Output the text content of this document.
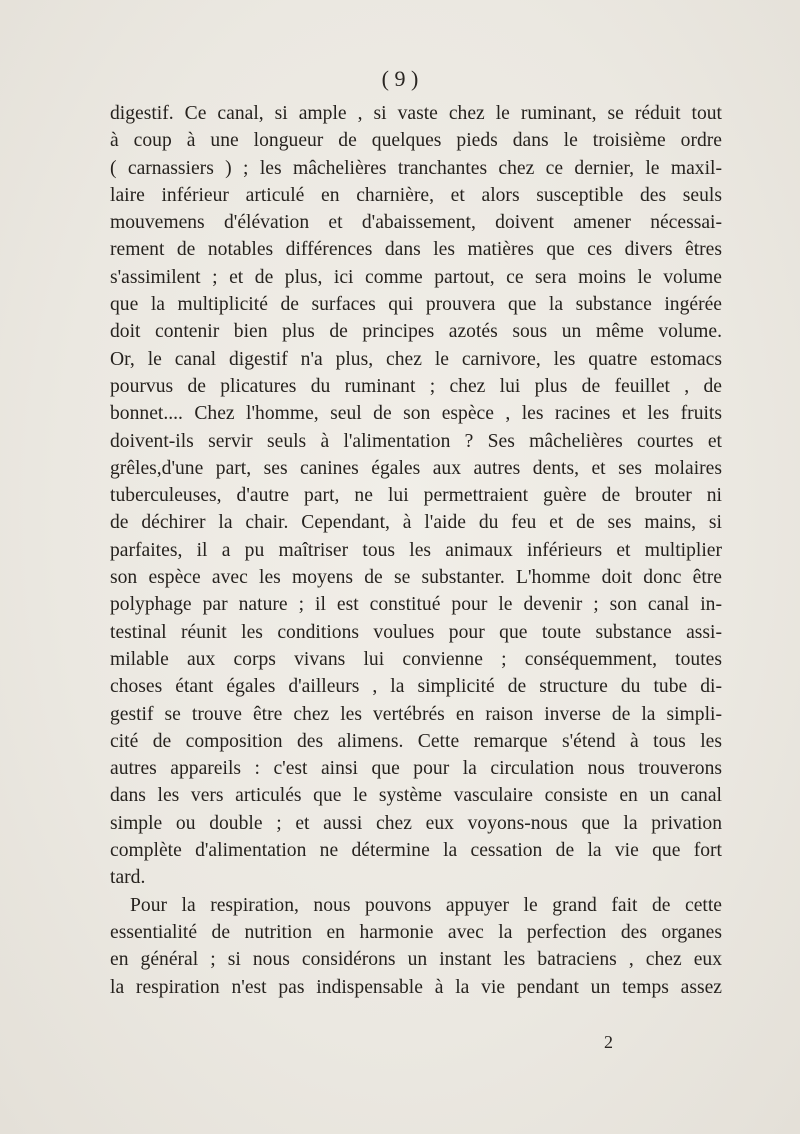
( 9 )
digestif. Ce canal, si ample , si vaste chez le ruminant, se réduit tout
à coup à une longueur de quelques pieds dans le troisième ordre
( carnassiers ) ; les mâchelières tranchantes chez ce dernier, le maxil-
laire inférieur articulé en charnière, et alors susceptible des seuls
mouvemens d'élévation et d'abaissement, doivent amener nécessai-
rement de notables différences dans les matières que ces divers êtres
s'assimilent ; et de plus, ici comme partout, ce sera moins le volume
que la multiplicité de surfaces qui prouvera que la substance ingérée
doit contenir bien plus de principes azotés sous un même volume.
Or, le canal digestif n'a plus, chez le carnivore, les quatre estomacs
pourvus de plicatures du ruminant ; chez lui plus de feuillet , de
bonnet.... Chez l'homme, seul de son espèce , les racines et les fruits
doivent-ils servir seuls à l'alimentation ? Ses mâchelières courtes et
grêles,d'une part, ses canines égales aux autres dents, et ses molaires
tuberculeuses, d'autre part, ne lui permettraient guère de brouter ni
de déchirer la chair. Cependant, à l'aide du feu et de ses mains, si
parfaites, il a pu maîtriser tous les animaux inférieurs et multiplier
son espèce avec les moyens de se substanter. L'homme doit donc être
polyphage par nature ; il est constitué pour le devenir ; son canal in-
testinal réunit les conditions voulues pour que toute substance assi-
milable aux corps vivans lui convienne ; conséquemment, toutes
choses étant égales d'ailleurs , la simplicité de structure du tube di-
gestif se trouve être chez les vertébrés en raison inverse de la simpli-
cité de composition des alimens. Cette remarque s'étend à tous les
autres appareils : c'est ainsi que pour la circulation nous trouverons
dans les vers articulés que le système vasculaire consiste en un canal
simple ou double ; et aussi chez eux voyons-nous que la privation
complète d'alimentation ne détermine la cessation de la vie que fort
tard.
Pour la respiration, nous pouvons appuyer le grand fait de cette
essentialité de nutrition en harmonie avec la perfection des organes
en général ; si nous considérons un instant les batraciens , chez eux
la respiration n'est pas indispensable à la vie pendant un temps assez
2
